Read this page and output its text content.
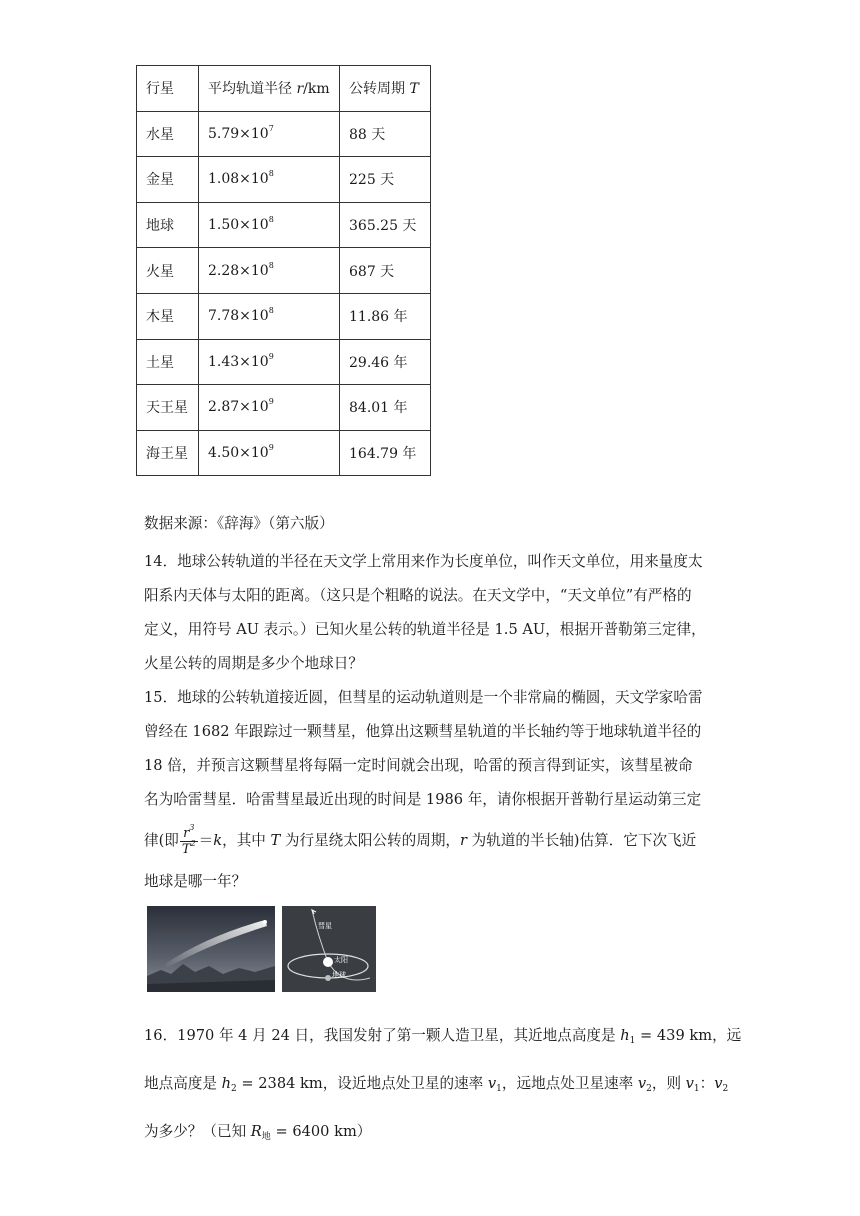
行星	平均轨道半径 r/km	公转周期 T
水星	$5.79\times 10^7$	88 天
金星	$1.08\times 10^8$	225 天
地球	$1.50\times 10^8$	365.25 天
火星	$2.28\times 10^8$	687 天
木星	$7.78\times 10^8$	11.86 年
土星	$1.43\times 10^9$	29.46 年
天王星	$2.87\times 10^9$	84.01 年
海王星	$4.50\times 10^9$	164.79 年
数据来源：《辞海》（第六版）
14．地球公转轨道的半径在天文学上常用来作为长度单位，叫作天文单位，用来量度太
阳系内天体与太阳的距离。（这只是个粗略的说法。在天文学中，“天文单位”有严格的
定义，用符号 AU 表示。）已知火星公转的轨道半径是 1.5 AU，根据开普勒第三定律，
火星公转的周期是多少个地球日？
15．地球的公转轨道接近圆，但彗星的运动轨道则是一个非常扁的椭圆，天文学家哈雷
曾经在 1682 年跟踪过一颗彗星，他算出这颗彗星轨道的半长轴约等于地球轨道半径的
18 倍，并预言这颗彗星将每隔一定时间就会出现，哈雷的预言得到证实，该彗星被命
名为哈雷彗星．哈雷彗星最近出现的时间是 1986 年，请你根据开普勒行星运动第三定
律(即 $\frac{r^3}{T^2} =k$，其中 T 为行星绕太阳公转的周期，r 为轨道的半长轴)估算．它下次飞近
地球是哪一年？
彗星
太阳
地球
16．1970 年 4 月 24 日，我国发射了第一颗人造卫星，其近地点高度是 $h_1 = 439$ km，远
地点高度是 $h_2 = 2384$ km，设近地点处卫星的速率 $v_1$，远地点处卫星速率 $v_2$，则 $v_1$：$v_2$
为多少？（已知 $R_地 = 6400$ km）
